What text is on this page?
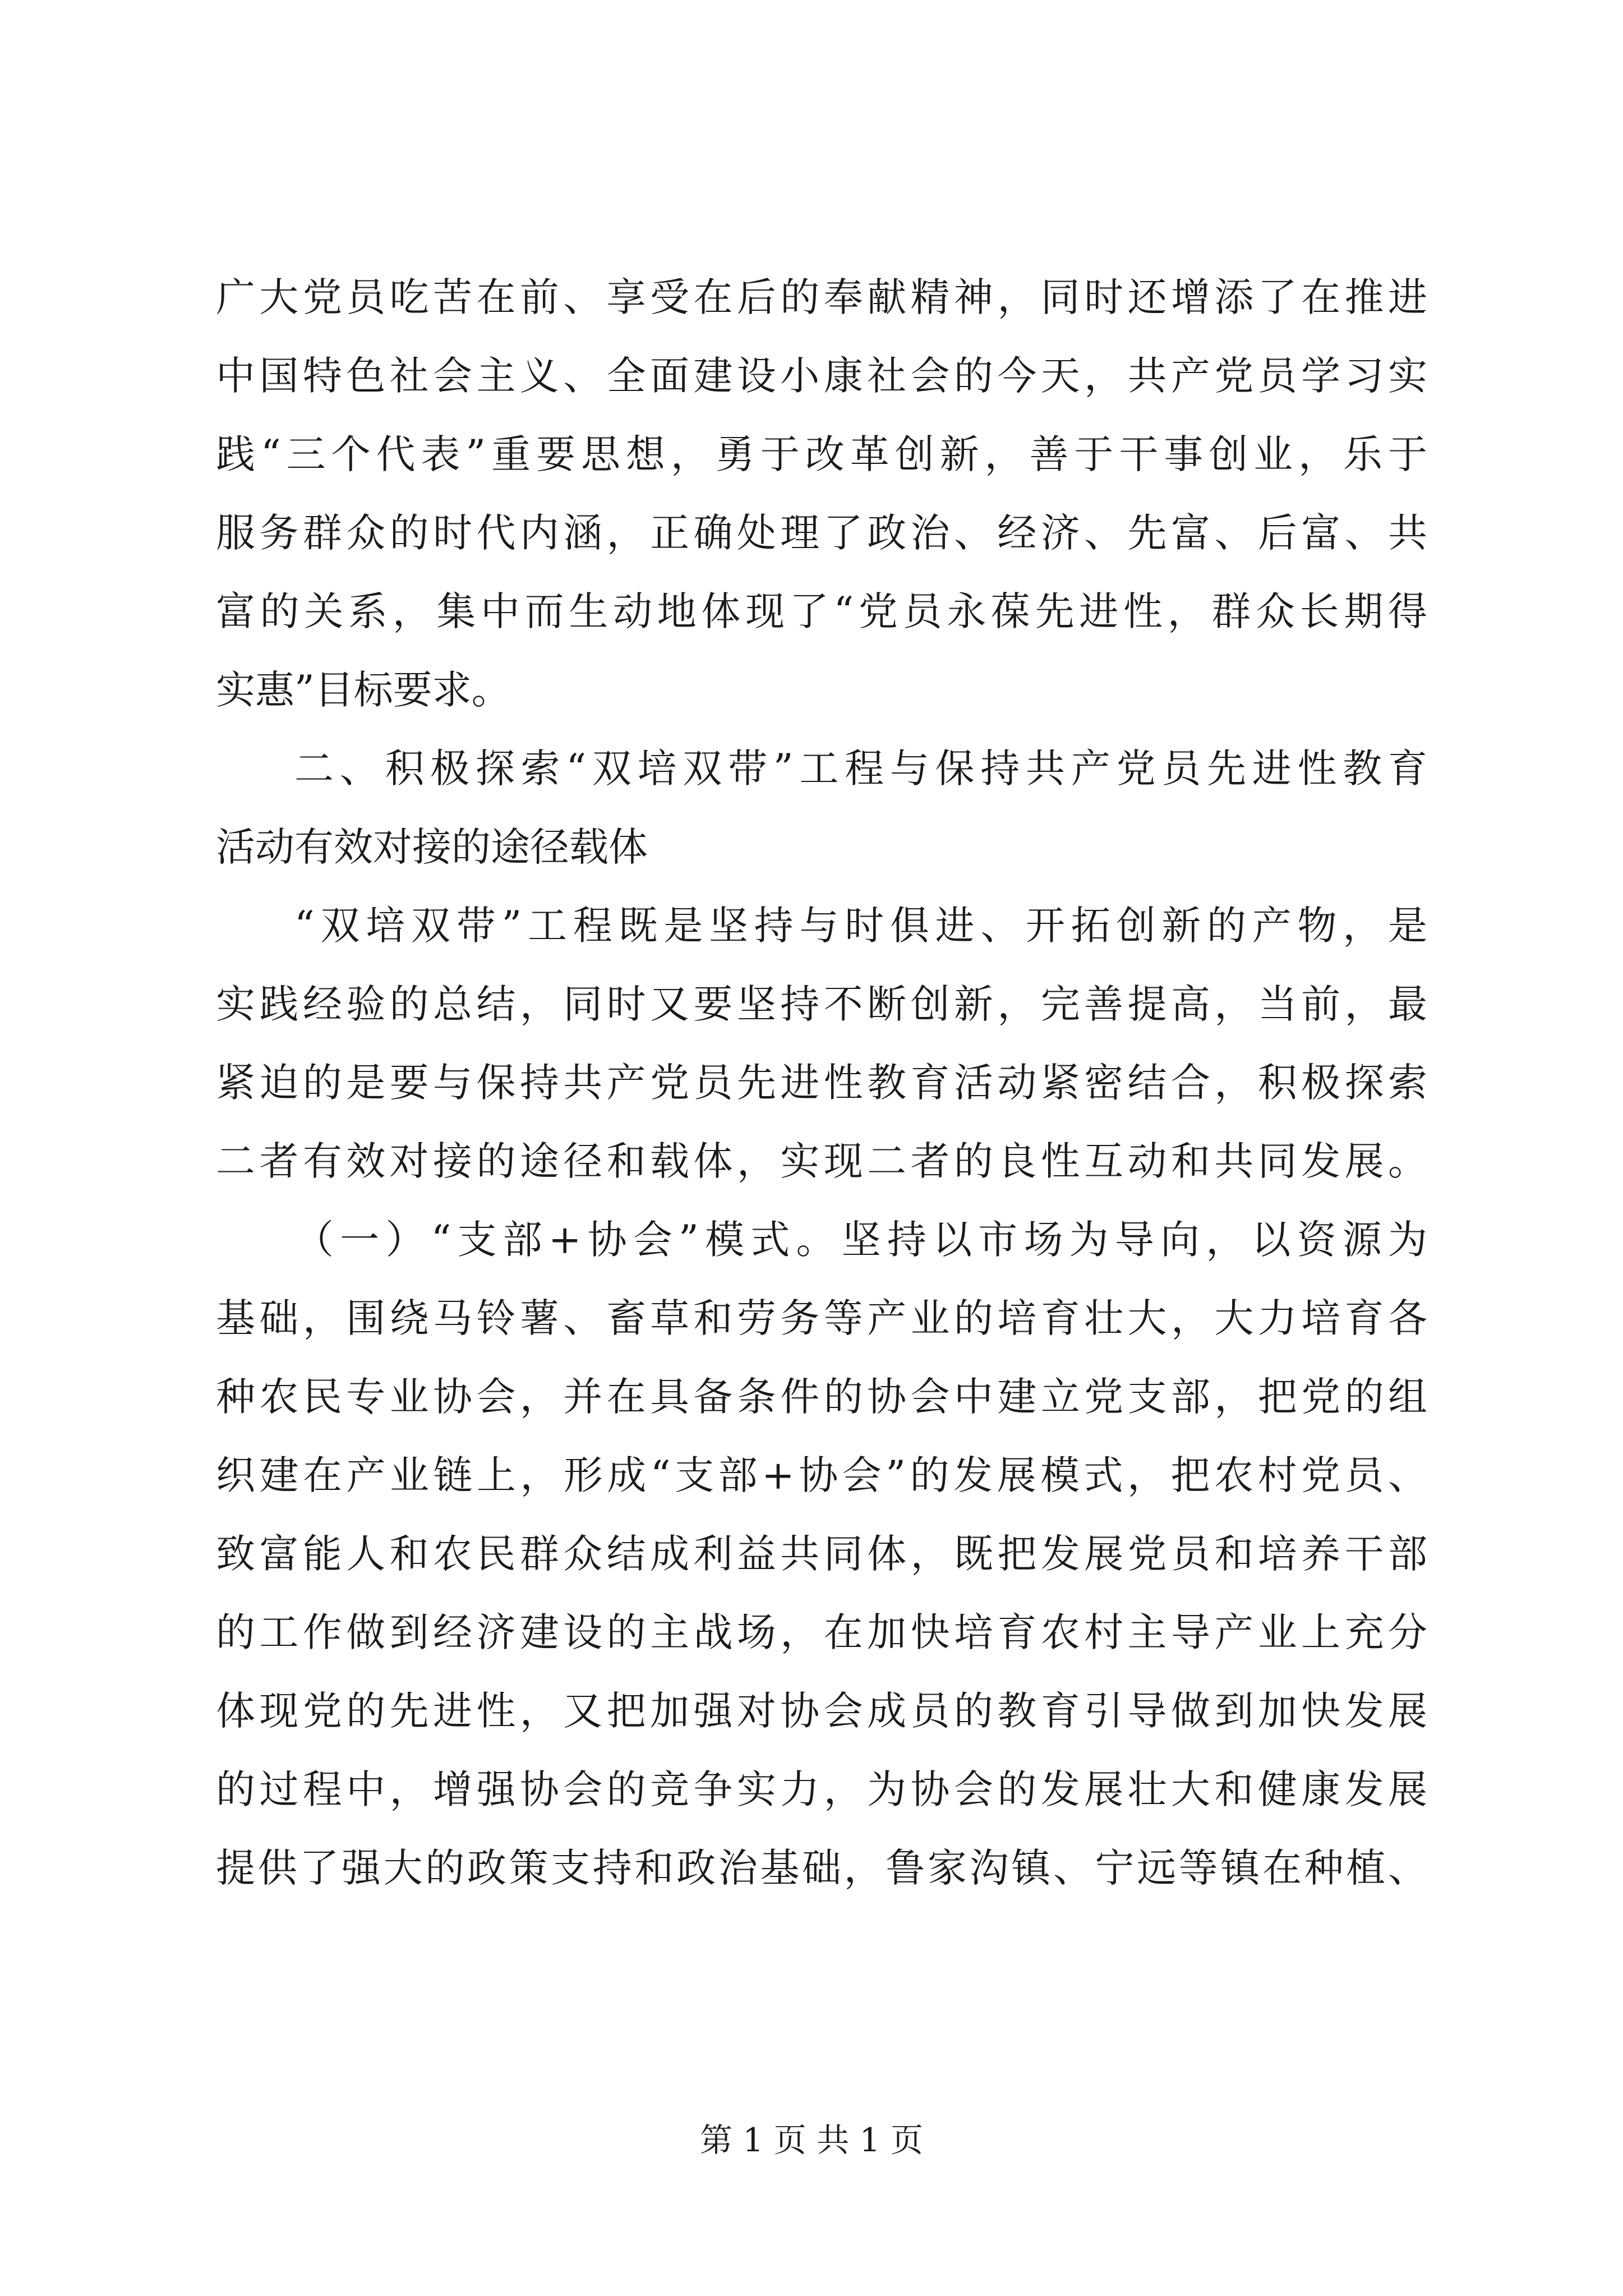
广大党员吃苦在前、享受在后的奉献精神，同时还增添了在推进
中国特色社会主义、全面建设小康社会的今天，共产党员学习实
践“三个代表”重要思想，勇于改革创新，善于干事创业，乐于
服务群众的时代内涵，正确处理了政治、经济、先富、后富、共
富的关系，集中而生动地体现了“党员永葆先进性，群众长期得
实惠”目标要求。
二、积极探索“双培双带”工程与保持共产党员先进性教育
活动有效对接的途径载体
“双培双带”工程既是坚持与时俱进、开拓创新的产物，是
实践经验的总结，同时又要坚持不断创新，完善提高，当前，最
紧迫的是要与保持共产党员先进性教育活动紧密结合，积极探索
二者有效对接的途径和载体，实现二者的良性互动和共同发展。
（一）“支部+协会”模式。坚持以市场为导向，以资源为
基础，围绕马铃薯、畜草和劳务等产业的培育壮大，大力培育各
种农民专业协会，并在具备条件的协会中建立党支部，把党的组
织建在产业链上，形成“支部+协会”的发展模式，把农村党员、
致富能人和农民群众结成利益共同体，既把发展党员和培养干部
的工作做到经济建设的主战场，在加快培育农村主导产业上充分
体现党的先进性，又把加强对协会成员的教育引导做到加快发展
的过程中，增强协会的竞争实力，为协会的发展壮大和健康发展
提供了强大的政策支持和政治基础，鲁家沟镇、宁远等镇在种植、
第 1 页 共 1 页
